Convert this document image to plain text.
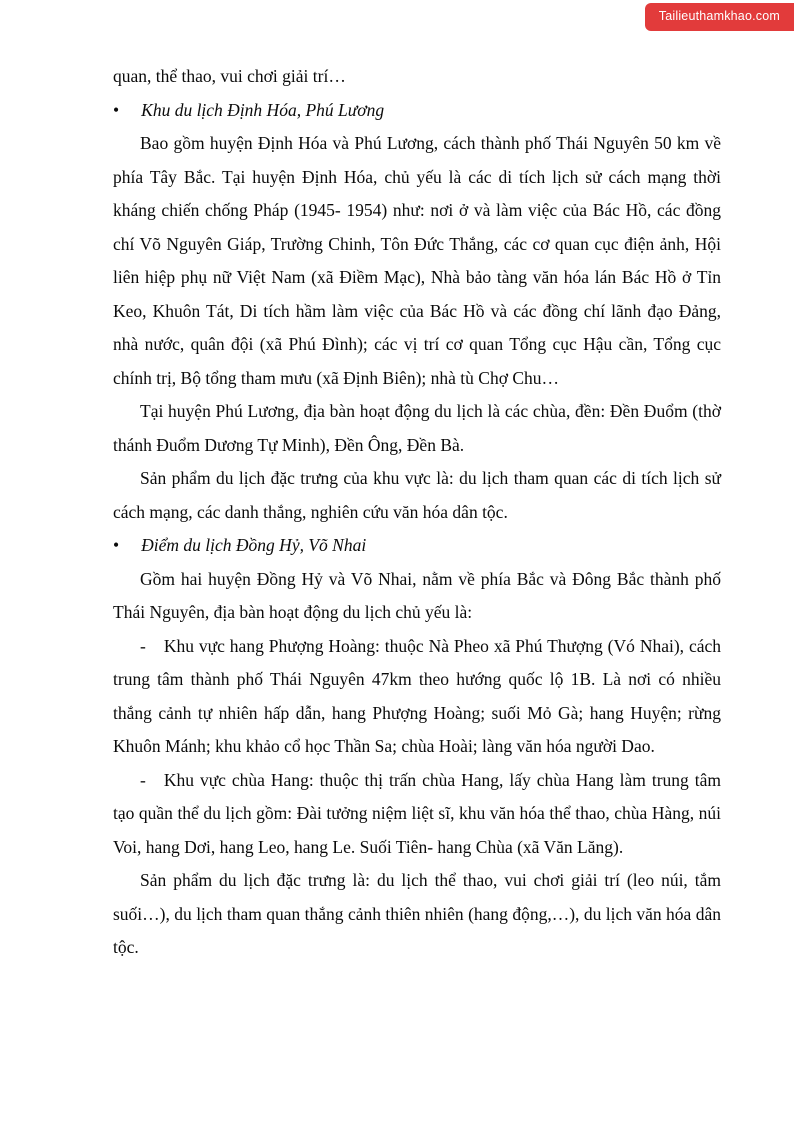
Tailieuthamkhao.com

quan, thể thao, vui chơi giải trí…

• Khu du lịch Định Hóa, Phú Lương

Bao gồm huyện Định Hóa và Phú Lương, cách thành phố Thái Nguyên 50 km về phía Tây Bắc. Tại huyện Định Hóa, chủ yếu là các di tích lịch sử cách mạng thời kháng chiến chống Pháp (1945- 1954) như: nơi ở và làm việc của Bác Hồ, các đồng chí Võ Nguyên Giáp, Trường Chinh, Tôn Đức Thắng, các cơ quan cục điện ảnh, Hội liên hiệp phụ nữ Việt Nam (xã Điềm Mạc), Nhà bảo tàng văn hóa lán Bác Hồ ở Tỉn Keo, Khuôn Tát, Di tích hầm làm việc của Bác Hồ và các đồng chí lãnh đạo Đảng, nhà nước, quân đội (xã Phú Đình); các vị trí cơ quan Tổng cục Hậu cần, Tổng cục chính trị, Bộ tổng tham mưu (xã Định Biên); nhà tù Chợ Chu…

Tại huyện Phú Lương, địa bàn hoạt động du lịch là các chùa, đền: Đền Đuổm (thờ thánh Đuổm Dương Tự Minh), Đền Ông, Đền Bà.

Sản phẩm du lịch đặc trưng của khu vực là: du lịch tham quan các di tích lịch sử cách mạng, các danh thắng, nghiên cứu văn hóa dân tộc.

• Điểm du lịch Đồng Hỷ, Võ Nhai

Gồm hai huyện Đồng Hỷ và Võ Nhai, nằm về phía Bắc và Đông Bắc thành phố Thái Nguyên, địa bàn hoạt động du lịch chủ yếu là:

- Khu vực hang Phượng Hoàng: thuộc Nà Pheo xã Phú Thượng (Vó Nhai), cách trung tâm thành phố Thái Nguyên 47km theo hướng quốc lộ 1B. Là nơi có nhiều thắng cảnh tự nhiên hấp dẫn, hang Phượng Hoàng; suối Mỏ Gà; hang Huyện; rừng Khuôn Mánh; khu khảo cổ học Thần Sa; chùa Hoài; làng văn hóa người Dao.

- Khu vực chùa Hang: thuộc thị trấn chùa Hang, lấy chùa Hang làm trung tâm tạo quần thể du lịch gồm: Đài tưởng niệm liệt sĩ, khu văn hóa thể thao, chùa Hàng, núi Voi, hang Dơi, hang Leo, hang Le. Suối Tiên- hang Chùa (xã Văn Lăng).

Sản phẩm du lịch đặc trưng là: du lịch thể thao, vui chơi giải trí (leo núi, tắm suối…), du lịch tham quan thắng cảnh thiên nhiên (hang động,…), du lịch văn hóa dân tộc.
